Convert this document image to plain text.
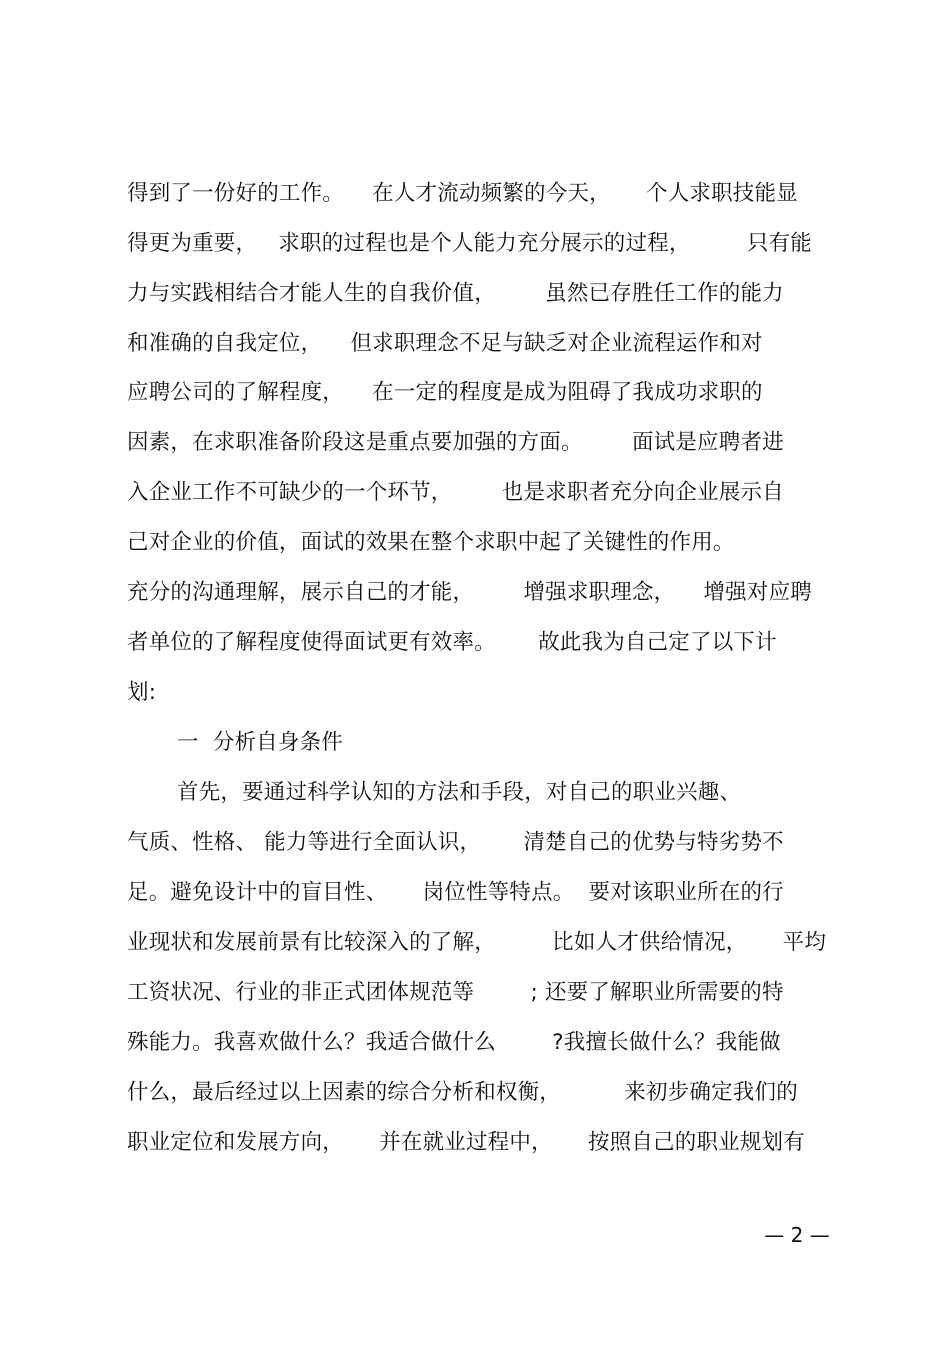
得到了一份好的工作。    在人才流动频繁的今天，     个人求职技能显
得更为重要，   求职的过程也是个人能力充分展示的过程，        只有能
力与实践相结合才能人生的自我价值，       虽然已存胜任工作的能力
和准确的自我定位，    但求职理念不足与缺乏对企业流程运作和对
应聘公司的了解程度，    在一定的程度是成为阻碍了我成功求职的
因素，在求职准备阶段这是重点要加强的方面。       面试是应聘者进
入企业工作不可缺少的一个环节，       也是求职者充分向企业展示自
己对企业的价值，面试的效果在整个求职中起了关键性的作用。
充分的沟通理解，展示自己的才能，       增强求职理念，    增强对应聘
者单位的了解程度使得面试更有效率。      故此我为自己定了以下计
划:
一  分析自身条件
首先，要通过科学认知的方法和手段，对自己的职业兴趣、
气质、性格、 能力等进行全面认识，      清楚自己的优势与特劣势不
足。避免设计中的盲目性、     岗位性等特点。  要对该职业所在的行
业现状和发展前景有比较深入的了解，        比如人才供给情况，     平均
工资状况、行业的非正式团体规范等        ; 还要了解职业所需要的特
殊能力。我喜欢做什么？我适合做什么        ?我擅长做什么？我能做
什么，最后经过以上因素的综合分析和权衡，         来初步确定我们的
职业定位和发展方向，     并在就业过程中，     按照自己的职业规划有
— 2 —
